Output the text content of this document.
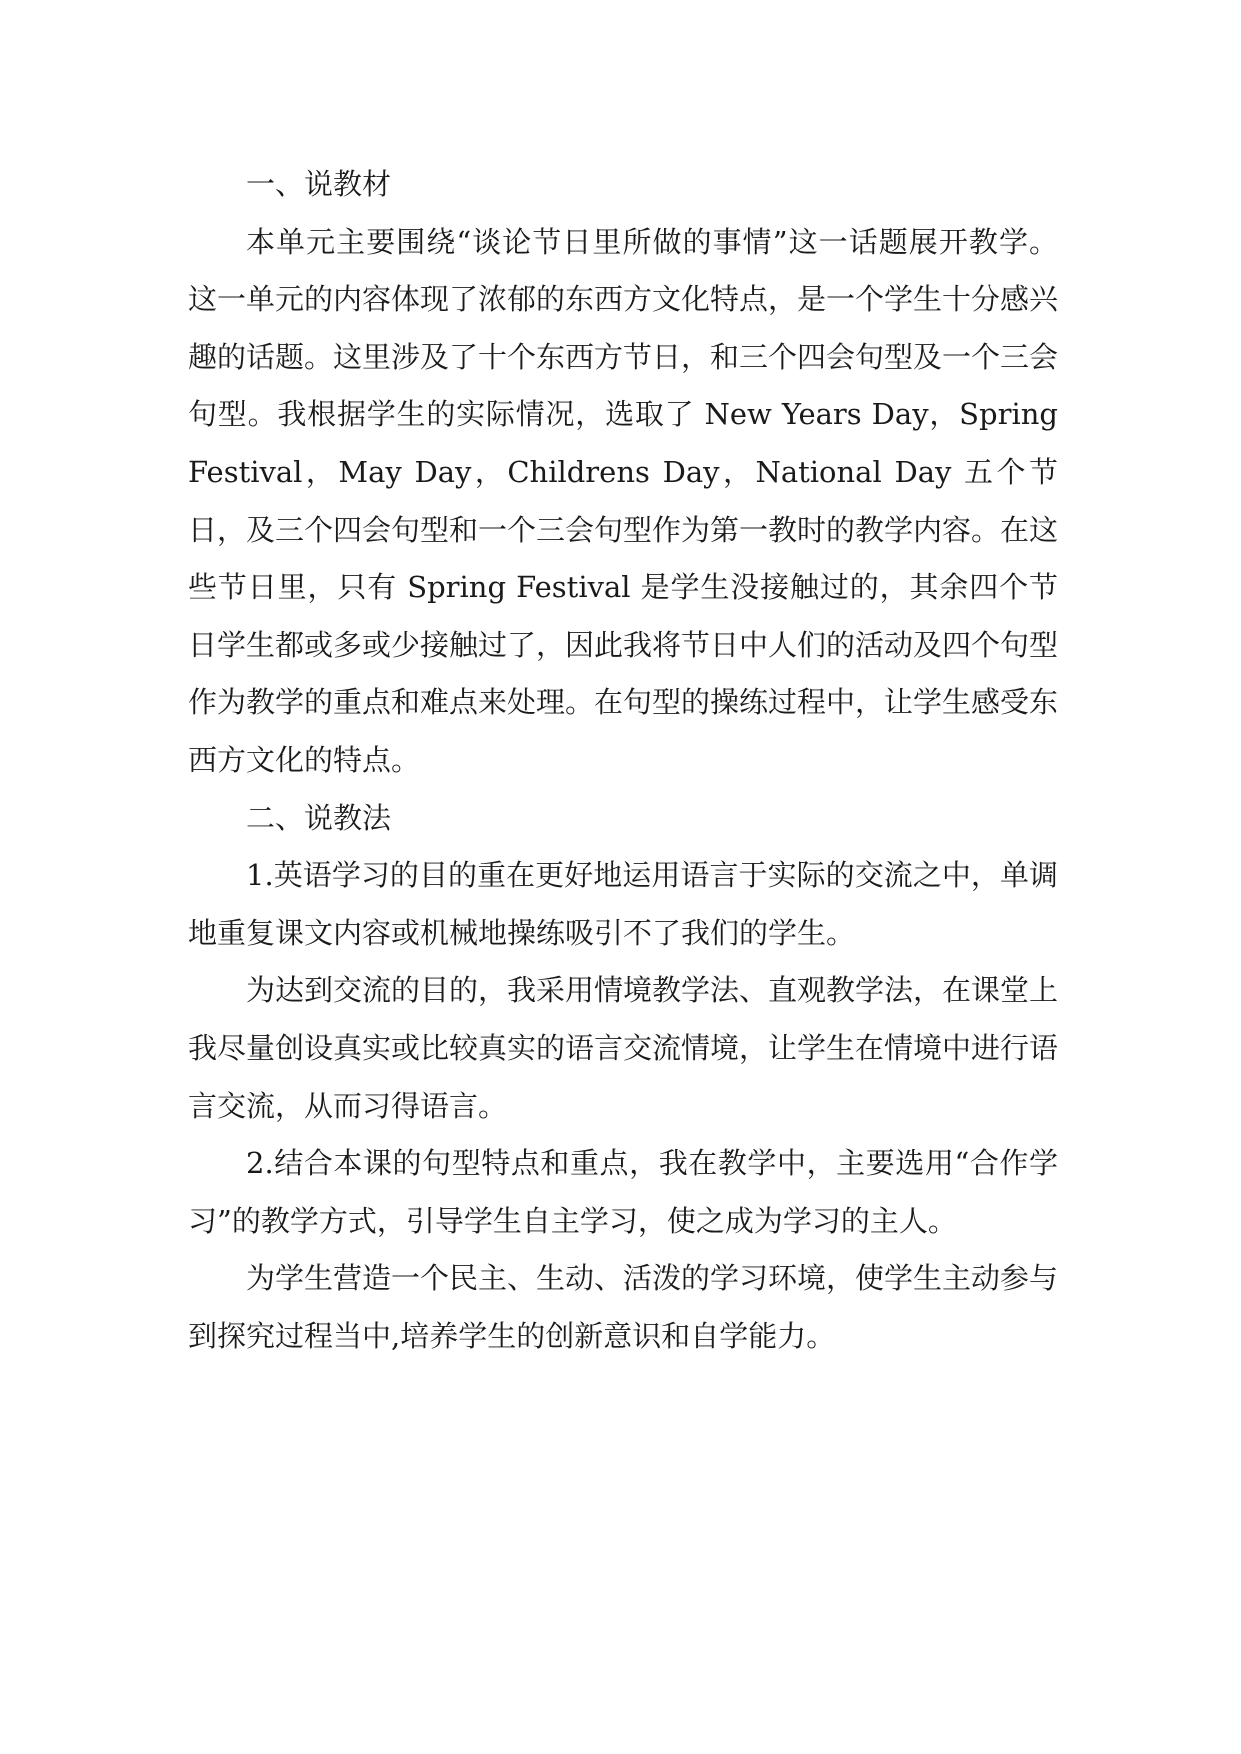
一、说教材

本单元主要围绕“谈论节日里所做的事情”这一话题展开教学。这一单元的内容体现了浓郁的东西方文化特点，是一个学生十分感兴趣的话题。这里涉及了十个东西方节日，和三个四会句型及一个三会句型。我根据学生的实际情况，选取了 New Years Day，Spring Festival，May Day，Childrens Day，National Day 五个节日，及三个四会句型和一个三会句型作为第一教时的教学内容。在这些节日里，只有 Spring Festival 是学生没接触过的，其余四个节日学生都或多或少接触过了，因此我将节日中人们的活动及四个句型作为教学的重点和难点来处理。在句型的操练过程中，让学生感受东西方文化的特点。

二、说教法

1.英语学习的目的重在更好地运用语言于实际的交流之中，单调地重复课文内容或机械地操练吸引不了我们的学生。

为达到交流的目的，我采用情境教学法、直观教学法，在课堂上我尽量创设真实或比较真实的语言交流情境，让学生在情境中进行语言交流，从而习得语言。

2.结合本课的句型特点和重点，我在教学中，主要选用“合作学习”的教学方式，引导学生自主学习，使之成为学习的主人。

为学生营造一个民主、生动、活泼的学习环境，使学生主动参与到探究过程当中,培养学生的创新意识和自学能力。
